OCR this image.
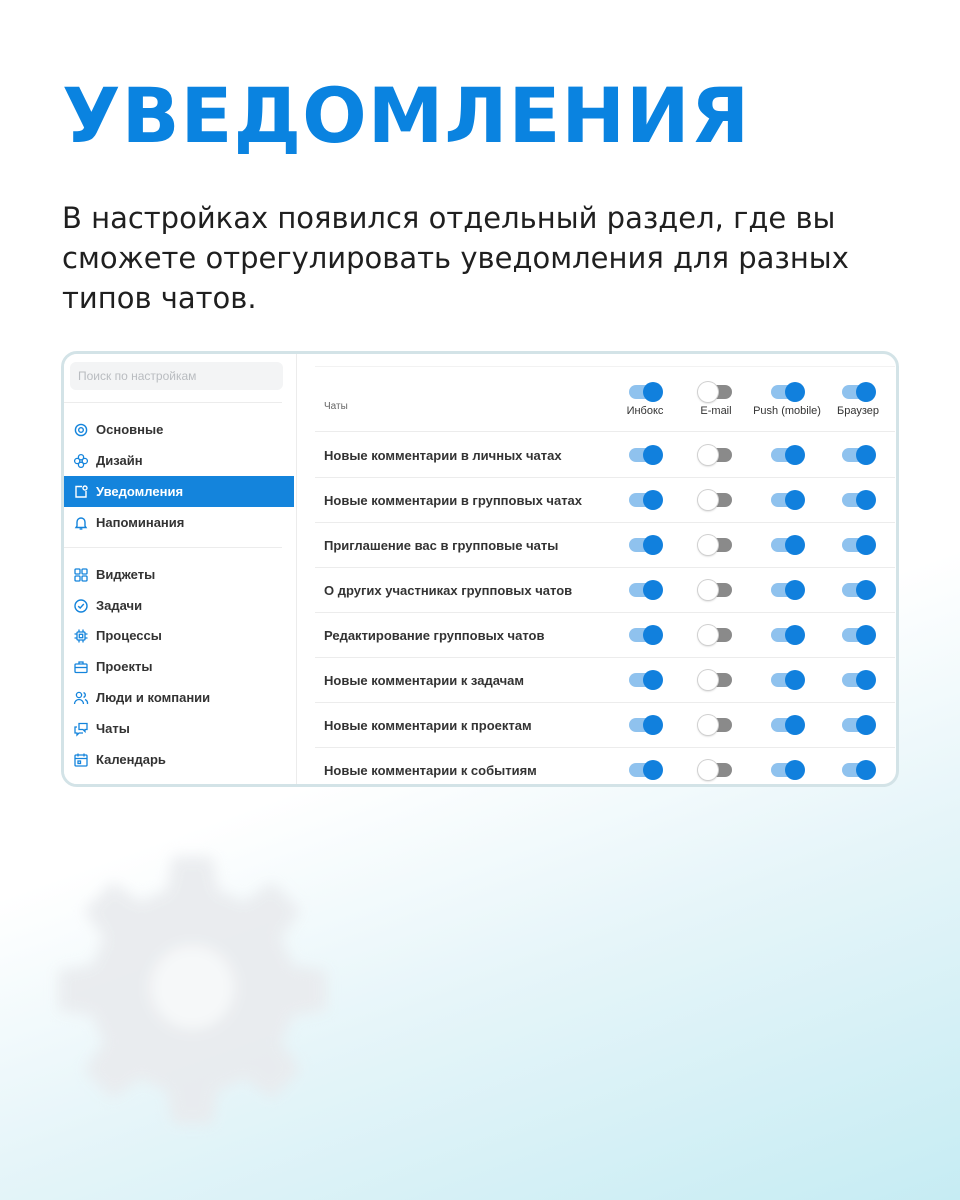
УВЕДОМЛЕНИЯ
В настройках появился отдельный раздел, где вы сможете отрегулировать уведомления для разных типов чатов.
Поиск по настройкам
Основные
Дизайн
Уведомления
Напоминания
Виджеты
Задачи
Процессы
Проекты
Люди и компании
Чаты
Календарь
Чаты	Инбокс	E-mail	Push (mobile)	Браузер
Новые комментарии в личных чатах
Новые комментарии в групповых чатах
Приглашение вас в групповые чаты
О других участниках групповых чатов
Редактирование групповых чатов
Новые комментарии к задачам
Новые комментарии к проектам
Новые комментарии к событиям
